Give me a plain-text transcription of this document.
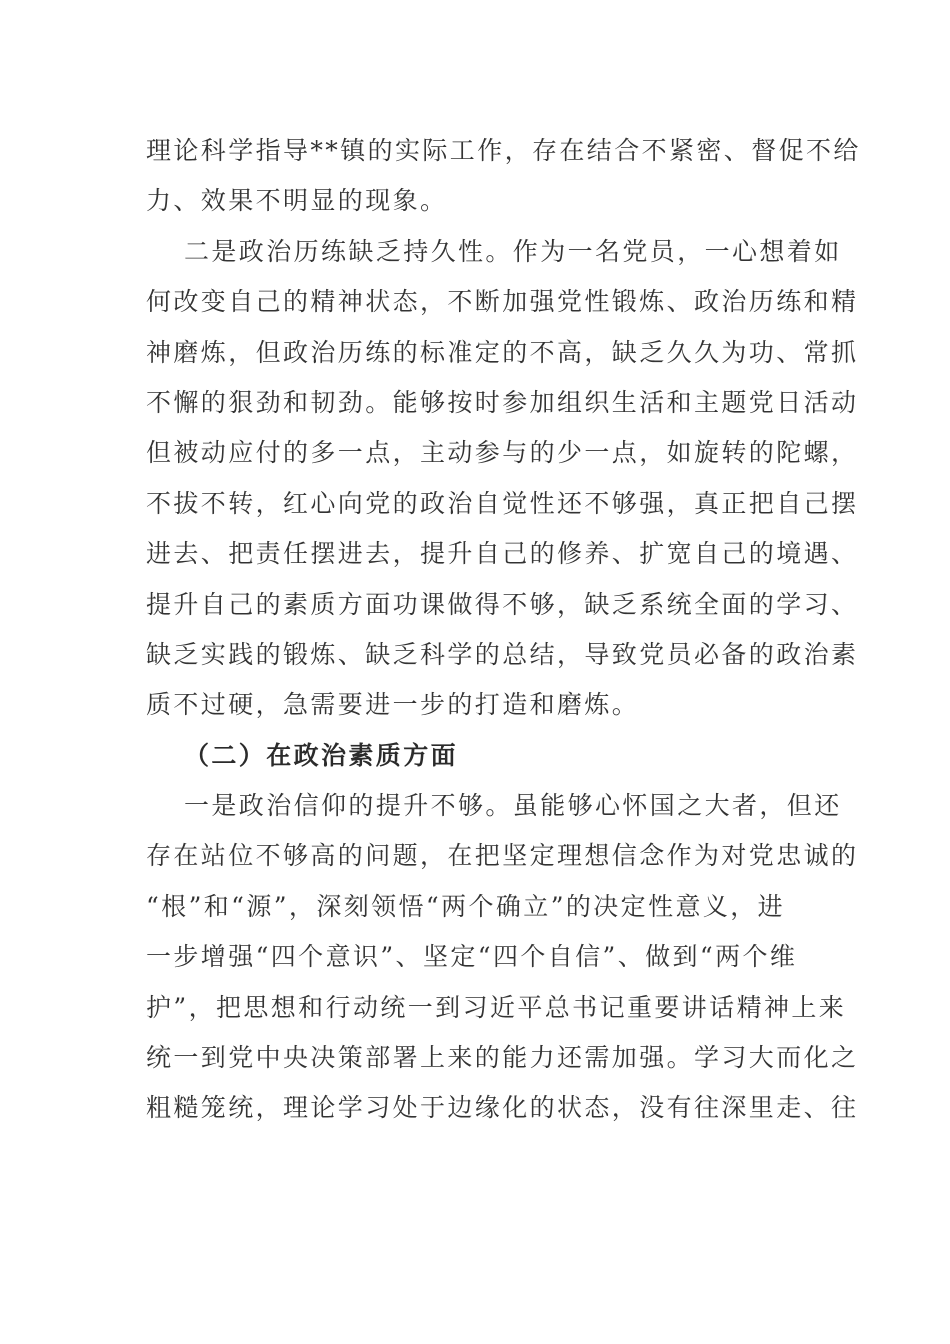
理论科学指导**镇的实际工作，存在结合不紧密、督促不给
力、效果不明显的现象。
二是政治历练缺乏持久性。作为一名党员，一心想着如
何改变自己的精神状态，不断加强党性锻炼、政治历练和精
神磨炼，但政治历练的标准定的不高，缺乏久久为功、常抓
不懈的狠劲和韧劲。能够按时参加组织生活和主题党日活动
但被动应付的多一点，主动参与的少一点，如旋转的陀螺，
不拔不转，红心向党的政治自觉性还不够强，真正把自己摆
进去、把责任摆进去，提升自己的修养、扩宽自己的境遇、
提升自己的素质方面功课做得不够，缺乏系统全面的学习、
缺乏实践的锻炼、缺乏科学的总结，导致党员必备的政治素
质不过硬，急需要进一步的打造和磨炼。
（二）在政治素质方面
一是政治信仰的提升不够。虽能够心怀国之大者，但还
存在站位不够高的问题，在把坚定理想信念作为对党忠诚的
“根”和“源”，深刻领悟“两个确立”的决定性意义，进
一步增强“四个意识”、坚定“四个自信”、做到“两个维
护”，把思想和行动统一到习近平总书记重要讲话精神上来
统一到党中央决策部署上来的能力还需加强。学习大而化之
粗糙笼统，理论学习处于边缘化的状态，没有往深里走、往
